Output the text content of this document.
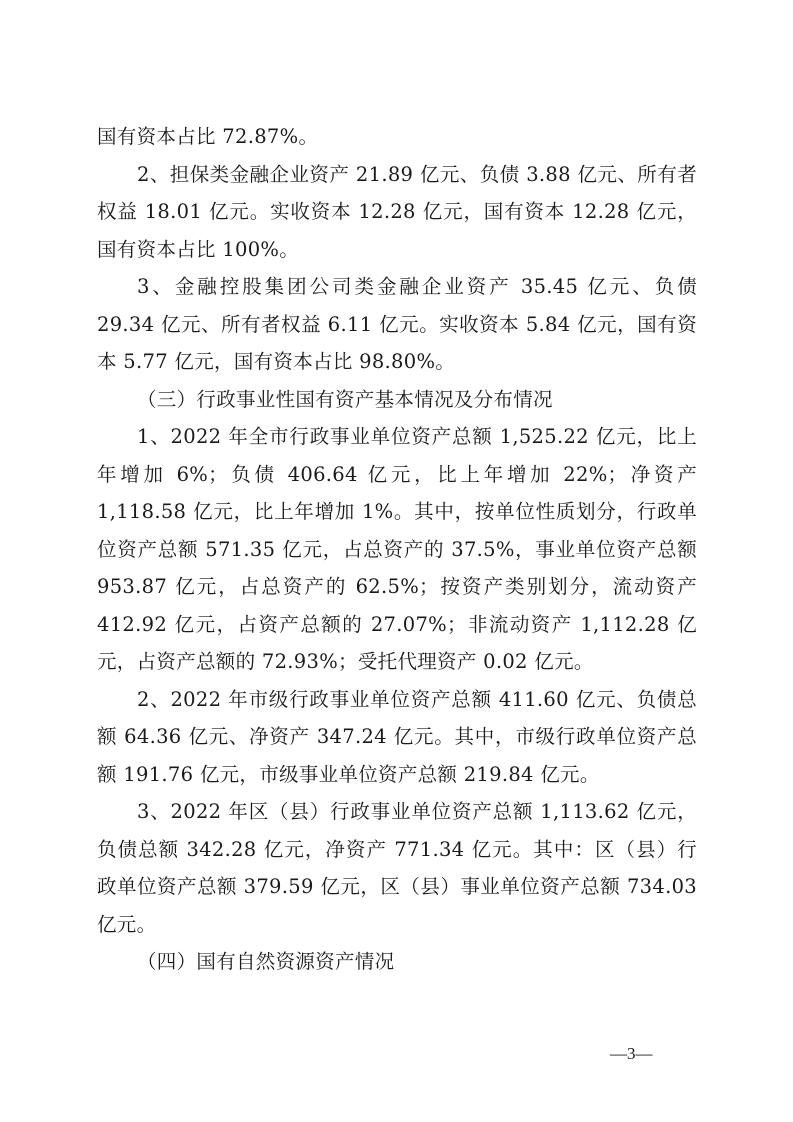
国有资本占比 72.87%。

2、担保类金融企业资产 21.89 亿元、负债 3.88 亿元、所有者权益 18.01 亿元。实收资本 12.28 亿元，国有资本 12.28 亿元，国有资本占比 100%。

3、金融控股集团公司类金融企业资产 35.45 亿元、负债 29.34 亿元、所有者权益 6.11 亿元。实收资本 5.84 亿元，国有资本 5.77 亿元，国有资本占比 98.80%。

（三）行政事业性国有资产基本情况及分布情况

1、2022 年全市行政事业单位资产总额 1,525.22 亿元，比上年增加 6%；负债 406.64 亿元，比上年增加 22%；净资产 1,118.58 亿元，比上年增加 1%。其中，按单位性质划分，行政单位资产总额 571.35 亿元，占总资产的 37.5%，事业单位资产总额 953.87 亿元，占总资产的 62.5%；按资产类别划分，流动资产 412.92 亿元，占资产总额的 27.07%；非流动资产 1,112.28 亿元，占资产总额的 72.93%；受托代理资产 0.02 亿元。

2、2022 年市级行政事业单位资产总额 411.60 亿元、负债总额 64.36 亿元、净资产 347.24 亿元。其中，市级行政单位资产总额 191.76 亿元，市级事业单位资产总额 219.84 亿元。

3、2022 年区（县）行政事业单位资产总额 1,113.62 亿元，负债总额 342.28 亿元，净资产 771.34 亿元。其中：区（县）行政单位资产总额 379.59 亿元，区（县）事业单位资产总额 734.03 亿元。

（四）国有自然资源资产情况

—3—
